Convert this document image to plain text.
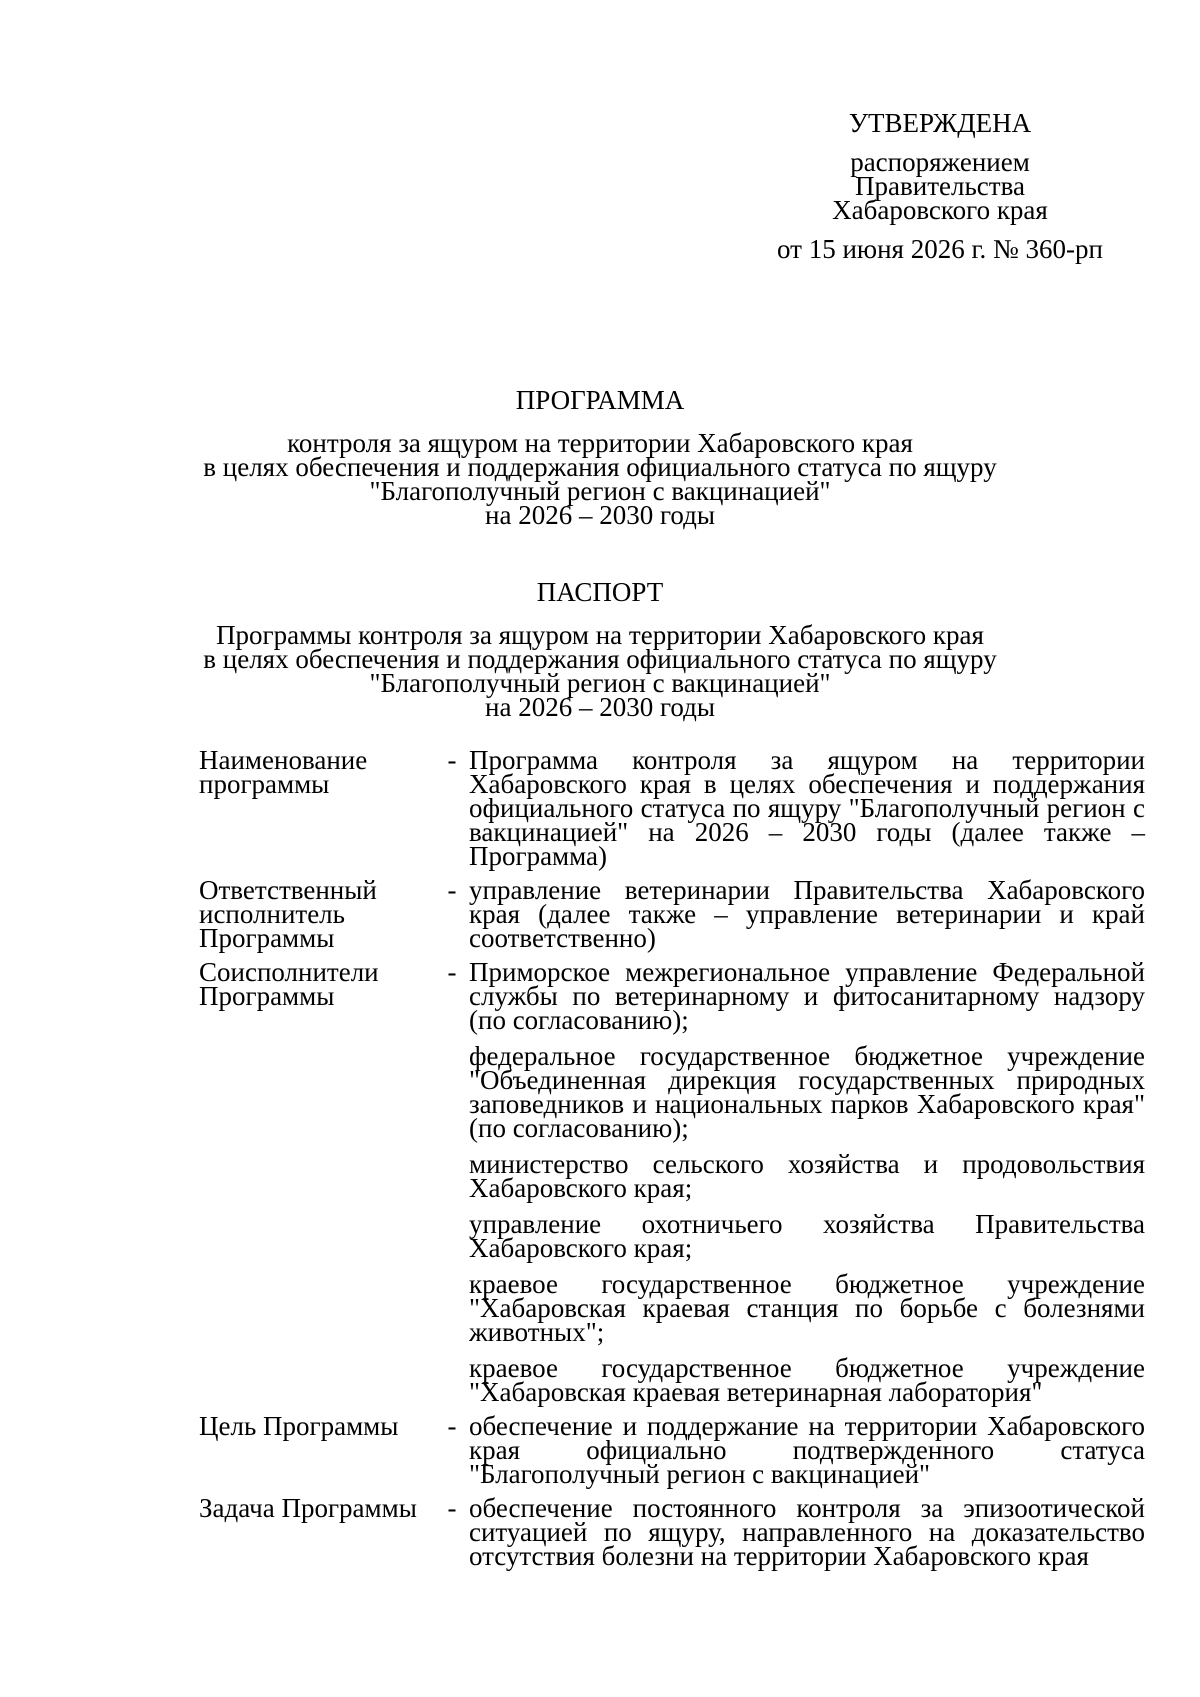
УТВЕРЖДЕНА
распоряжением
Правительства
Хабаровского края
от 15 июня 2026 г. № 360-рп
ПРОГРАММА
контроля за ящуром на территории Хабаровского края
в целях обеспечения и поддержания официального статуса по ящуру
"Благополучный регион с вакцинацией"
на 2026 – 2030 годы
ПАСПОРТ
Программы контроля за ящуром на территории Хабаровского края
в целях обеспечения и поддержания официального статуса по ящуру
"Благополучный регион с вакцинацией"
на 2026 – 2030 годы
Наименование программы
- Программа контроля за ящуром на территории Хабаровского края в целях обеспечения и поддержания официального статуса по ящуру "Благополучный регион с вакцинацией" на 2026 – 2030 годы (далее также – Программа)
Ответственный исполнитель Программы
- управление ветеринарии Правительства Хабаровского края (далее также – управление ветеринарии и край соответственно)
Соисполнители Программы
- Приморское межрегиональное управление Федеральной службы по ветеринарному и фитосанитарному надзору (по согласованию);
федеральное государственное бюджетное учреждение "Объединенная дирекция государственных природных заповедников и национальных парков Хабаровского края" (по согласованию);
министерство сельского хозяйства и продовольствия Хабаровского края;
управление охотничьего хозяйства Правительства Хабаровского края;
краевое государственное бюджетное учреждение "Хабаровская краевая станция по борьбе с болезнями животных";
краевое государственное бюджетное учреждение "Хабаровская краевая ветеринарная лаборатория"
Цель Программы	- обеспечение и поддержание на территории Хабаровского края официально подтвержденного статуса "Благополучный регион с вакцинацией"
Задача Программы	- обеспечение постоянного контроля за эпизоотической ситуацией по ящуру, направленного на доказательство отсутствия болезни на территории Хабаровского края
